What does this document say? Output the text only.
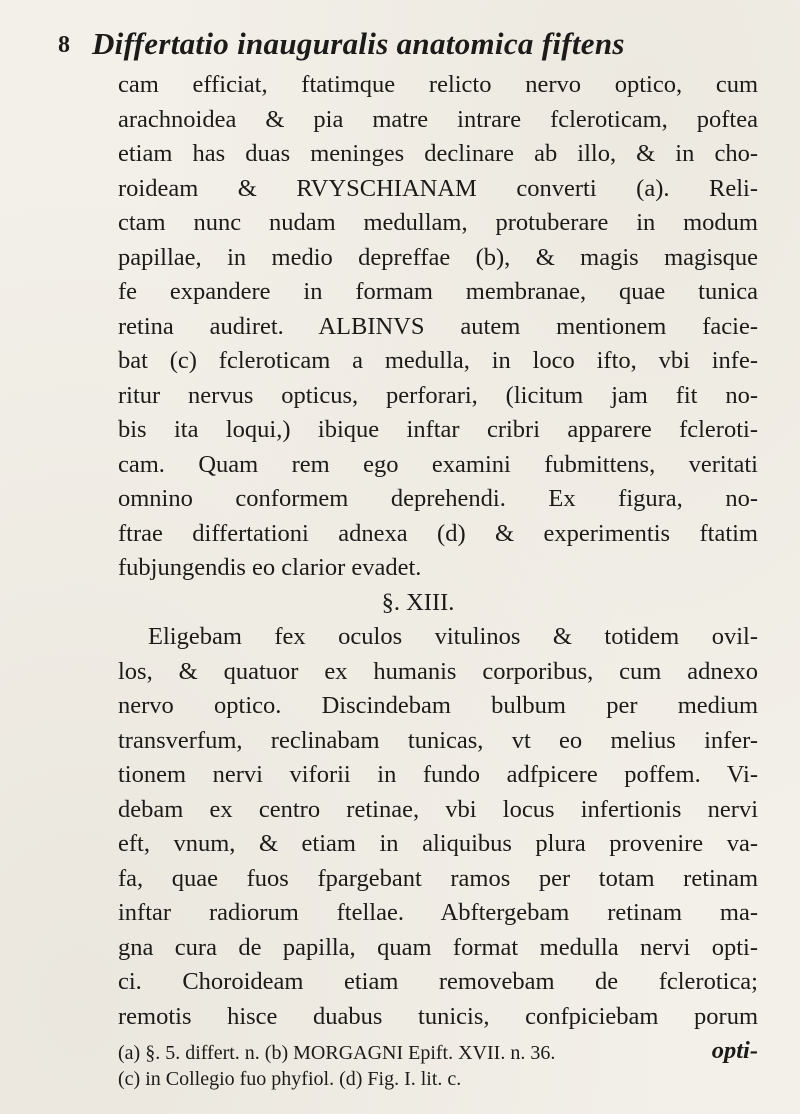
8 Differtatio inauguralis anatomica fiftens
cam efficiat, ftatimque relicto nervo optico, cum
arachnoidea & pia matre intrare fcleroticam, poftea
etiam has duas meninges declinare ab illo, & in cho-
roideam & RVYSCHIANAM converti (a). Reli-
ctam nunc nudam medullam, protuberare in modum
papillae, in medio depreffae (b), & magis magisque
fe expandere in formam membranae, quae tunica
retina audiret. ALBINVS autem mentionem facie-
bat (c) fcleroticam a medulla, in loco ifto, vbi infe-
ritur nervus opticus, perforari, (licitum jam fit no-
bis ita loqui,) ibique inftar cribri apparere fcleroti-
cam. Quam rem ego examini fubmittens, veritati
omnino conformem deprehendi. Ex figura, no-
ftrae differtationi adnexa (d) & experimentis ftatim
fubjungendis eo clarior evadet.
§. XIII.
Eligebam fex oculos vitulinos & totidem ovil-
los, & quatuor ex humanis corporibus, cum adnexo
nervo optico. Discindebam bulbum per medium
transverfum, reclinabam tunicas, vt eo melius infer-
tionem nervi viforii in fundo adfpicere poffem. Vi-
debam ex centro retinae, vbi locus infertionis nervi
eft, vnum, & etiam in aliquibus plura provenire va-
fa, quae fuos fpargebant ramos per totam retinam
inftar radiorum ftellae. Abftergebam retinam ma-
gna cura de papilla, quam format medulla nervi opti-
ci. Choroideam etiam removebam de fclerotica;
remotis hisce duabus tunicis, confpiciebam porum
opti-
(a) §. 5. differt. n. (b) MORGAGNI Epift. XVII. n. 36.
(c) in Collegio fuo phyfiol. (d) Fig. I. lit. c.
